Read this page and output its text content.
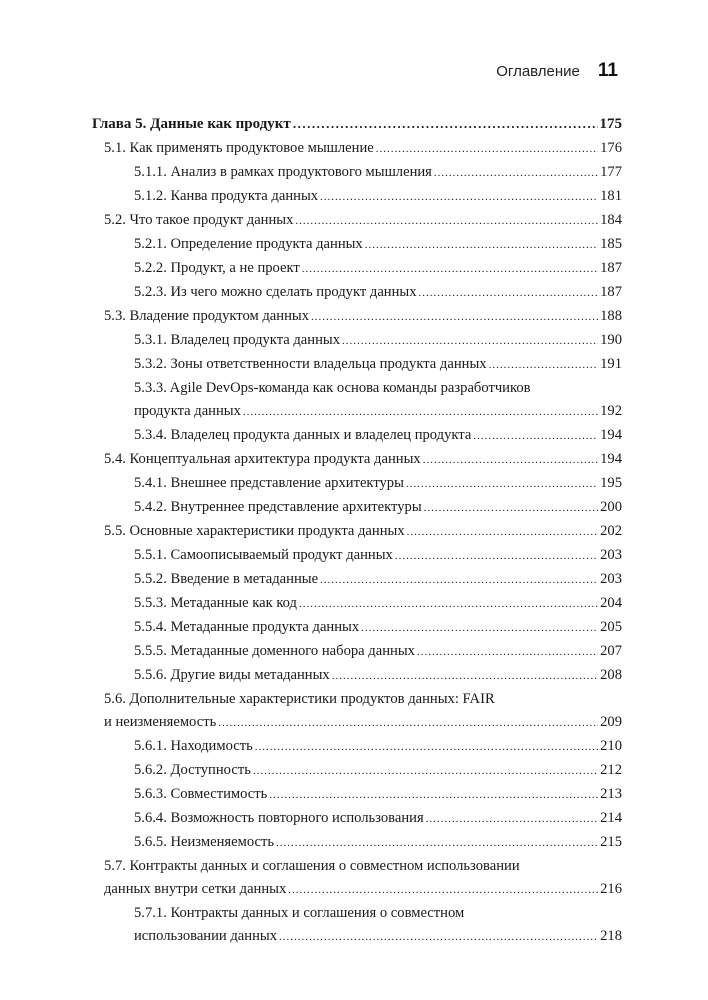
Оглавление 11
Глава 5. Данные как продукт .....	175
5.1. Как применять продуктовое мышление .....	176
5.1.1. Анализ в рамках продуктового мышления .....	177
5.1.2. Канва продукта данных .....	181
5.2. Что такое продукт данных .....	184
5.2.1. Определение продукта данных .....	185
5.2.2. Продукт, а не проект .....	187
5.2.3. Из чего можно сделать продукт данных .....	187
5.3. Владение продуктом данных .....	188
5.3.1. Владелец продукта данных .....	190
5.3.2. Зоны ответственности владельца продукта данных .....	191
5.3.3. Agile DevOps-команда как основа команды разработчиков
продукта данных .....	192
5.3.4. Владелец продукта данных и владелец продукта .....	194
5.4. Концептуальная архитектура продукта данных .....	194
5.4.1. Внешнее представление архитектуры .....	195
5.4.2. Внутреннее представление архитектуры .....	200
5.5. Основные характеристики продукта данных .....	202
5.5.1. Самоописываемый продукт данных .....	203
5.5.2. Введение в метаданные .....	203
5.5.3. Метаданные как код .....	204
5.5.4. Метаданные продукта данных .....	205
5.5.5. Метаданные доменного набора данных .....	207
5.5.6. Другие виды метаданных .....	208
5.6. Дополнительные характеристики продуктов данных: FAIR
и неизменяемость .....	209
5.6.1. Находимость .....	210
5.6.2. Доступность .....	212
5.6.3. Совместимость .....	213
5.6.4. Возможность повторного использования .....	214
5.6.5. Неизменяемость .....	215
5.7. Контракты данных и соглашения о совместном использовании
данных внутри сетки данных .....	216
5.7.1. Контракты данных и соглашения о совместном
использовании данных .....	218
